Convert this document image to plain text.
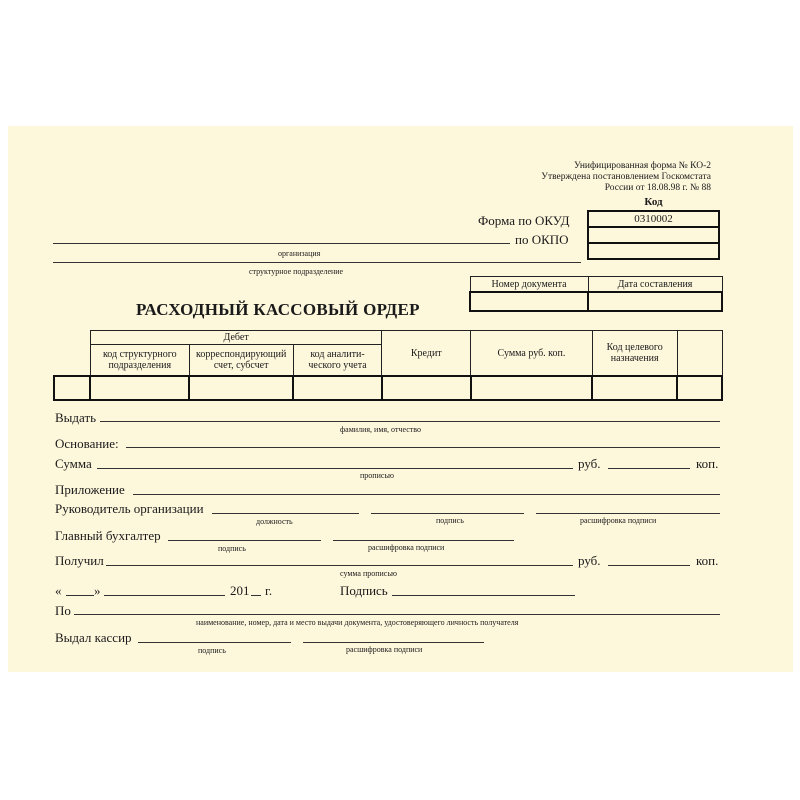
Унифицированная форма № КО-2
Утверждена постановлением Госкомстата
России от 18.08.98 г. № 88
Код
0310002

Форма по ОКУД
по ОКПО
организация
структурное подразделение
Номер документа	Дата составления

РАСХОДНЫЙ КАССОВЫЙ ОРДЕР
	Дебет			Кредит	Сумма руб. коп.	Код целевого назначения	
	код структурного подразделения	корреспондирующий счет, субсчет	код аналити- ческого учета				

Выдать
фамилия, имя, отчество
Основание:
Сумма	руб.	коп.
прописью
Приложение
Руководитель организации
должность	подпись	расшифровка подписи
Главный бухгалтер
подпись	расшифровка подписи
Получил	руб.	коп.
сумма прописью
«	»	201 г.	Подпись
По
наименование, номер, дата и место выдачи документа, удостоверяющего личность получателя
Выдал кассир
подпись	расшифровка подписи
